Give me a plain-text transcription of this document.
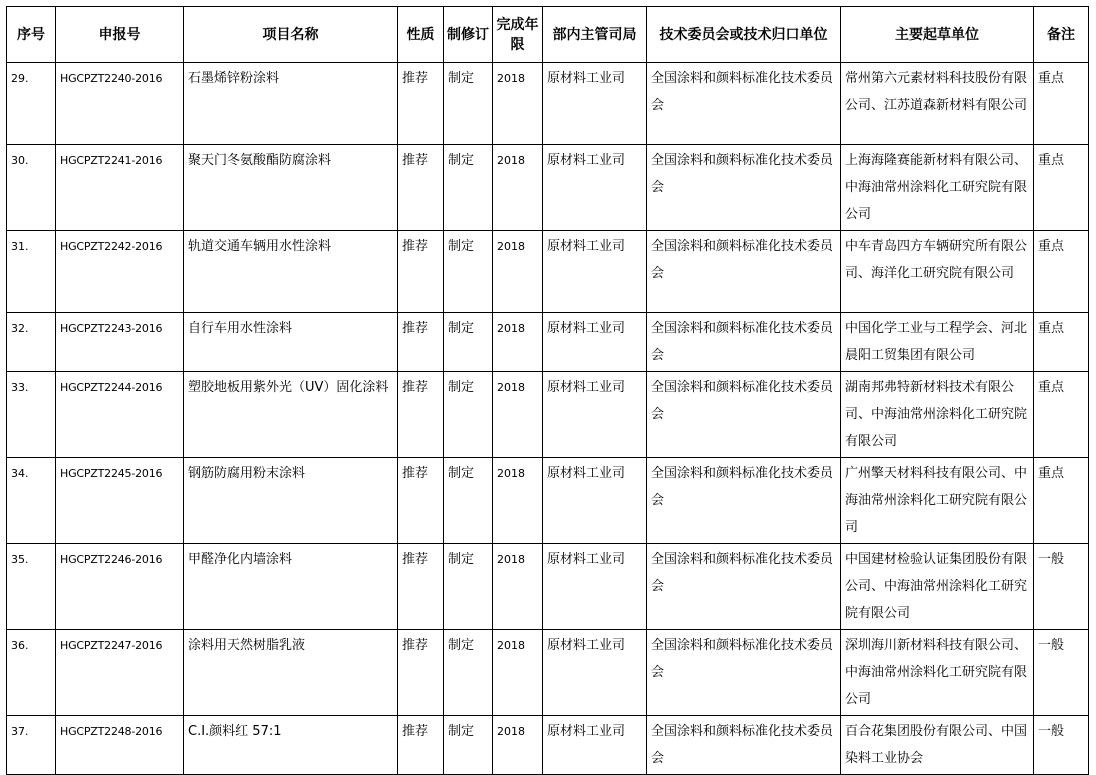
序号	申报号	项目名称	性质	制修订	完成年限	部内主管司局	技术委员会或技术归口单位	主要起草单位	备注
29.	HGCPZT2240-2016	石墨烯锌粉涂料	推荐	制定	2018	原材料工业司	全国涂料和颜料标准化技术委员会	常州第六元素材料科技股份有限公司、江苏道森新材料有限公司	重点
30.	HGCPZT2241-2016	聚天门冬氨酸酯防腐涂料	推荐	制定	2018	原材料工业司	全国涂料和颜料标准化技术委员会	上海海隆赛能新材料有限公司、中海油常州涂料化工研究院有限公司	重点
31.	HGCPZT2242-2016	轨道交通车辆用水性涂料	推荐	制定	2018	原材料工业司	全国涂料和颜料标准化技术委员会	中车青岛四方车辆研究所有限公司、海洋化工研究院有限公司	重点
32.	HGCPZT2243-2016	自行车用水性涂料	推荐	制定	2018	原材料工业司	全国涂料和颜料标准化技术委员会	中国化学工业与工程学会、河北晨阳工贸集团有限公司	重点
33.	HGCPZT2244-2016	塑胶地板用紫外光（UV）固化涂料	推荐	制定	2018	原材料工业司	全国涂料和颜料标准化技术委员会	湖南邦弗特新材料技术有限公司、中海油常州涂料化工研究院有限公司	重点
34.	HGCPZT2245-2016	钢筋防腐用粉末涂料	推荐	制定	2018	原材料工业司	全国涂料和颜料标准化技术委员会	广州擎天材料科技有限公司、中海油常州涂料化工研究院有限公司	重点
35.	HGCPZT2246-2016	甲醛净化内墙涂料	推荐	制定	2018	原材料工业司	全国涂料和颜料标准化技术委员会	中国建材检验认证集团股份有限公司、中海油常州涂料化工研究院有限公司	一般
36.	HGCPZT2247-2016	涂料用天然树脂乳液	推荐	制定	2018	原材料工业司	全国涂料和颜料标准化技术委员会	深圳海川新材料科技有限公司、中海油常州涂料化工研究院有限公司	一般
37.	HGCPZT2248-2016	C.I.颜料红 57:1	推荐	制定	2018	原材料工业司	全国涂料和颜料标准化技术委员会	百合花集团股份有限公司、中国染料工业协会	一般
